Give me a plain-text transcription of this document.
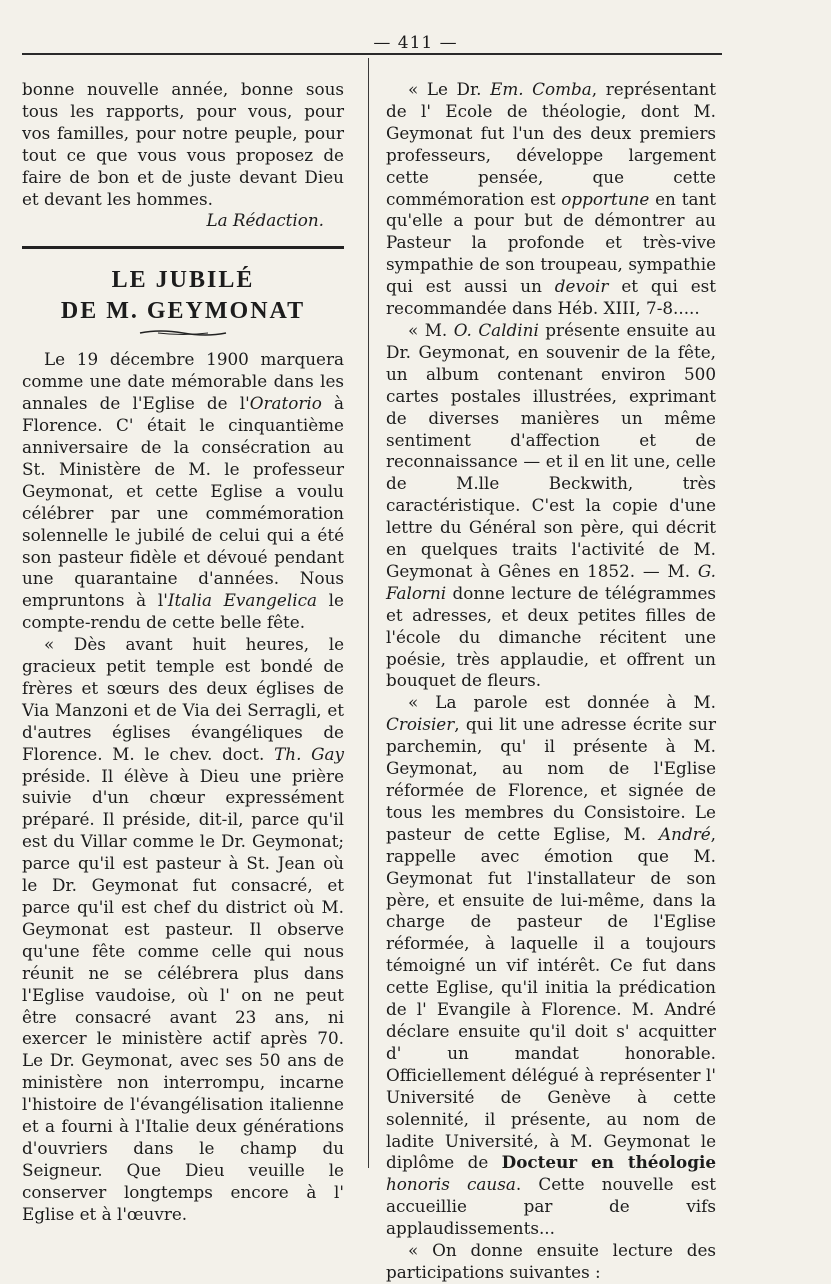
— 411 —

bonne nouvelle année, bonne sous tous les rapports, pour vous, pour vos familles, pour notre peuple, pour tout ce que vous vous proposez de faire de bon et de juste devant Dieu et devant les hommes.

La Rédaction.

LE JUBILÉ
DE M. GEYMONAT

Le 19 décembre 1900 marquera comme une date mémorable dans les annales de l'Eglise de l'Oratorio à Florence. C' était le cinquantième anniversaire de la consécration au St. Ministère de M. le professeur Geymonat, et cette Eglise a voulu célébrer par une commémoration solennelle le jubilé de celui qui a été son pasteur fidèle et dévoué pendant une quarantaine d'années. Nous empruntons à l'Italia Evangelica le compte-rendu de cette belle fête.

« Dès avant huit heures, le gracieux petit temple est bondé de frères et sœurs des deux églises de Via Manzoni et de Via dei Serragli, et d'autres églises évangéliques de Florence. M. le chev. doct. Th. Gay préside. Il élève à Dieu une prière suivie d'un chœur expressément préparé. Il préside, dit-il, parce qu'il est du Villar comme le Dr. Geymonat; parce qu'il est pasteur à St. Jean où le Dr. Geymonat fut consacré, et parce qu'il est chef du district où M. Geymonat est pasteur. Il observe qu'une fête comme celle qui nous réunit ne se célébrera plus dans l'Eglise vaudoise, où l' on ne peut être consacré avant 23 ans, ni exercer le ministère actif après 70. Le Dr. Geymonat, avec ses 50 ans de ministère non interrompu, incarne l'histoire de l'évangélisation italienne et a fourni à l'Italie deux générations d'ouvriers dans le champ du Seigneur. Que Dieu veuille le conserver longtemps encore à l' Eglise et à l'œuvre.

« Le Dr. Em. Comba, représentant de l' Ecole de théologie, dont M. Geymonat fut l'un des deux premiers professeurs, développe largement cette pensée, que cette commémoration est opportune en tant qu'elle a pour but de démontrer au Pasteur la profonde et très-vive sympathie de son troupeau, sympathie qui est aussi un devoir et qui est recommandée dans Héb. XIII, 7-8.....

« M. O. Caldini présente ensuite au Dr. Geymonat, en souvenir de la fête, un album contenant environ 500 cartes postales illustrées, exprimant de diverses manières un même sentiment d'affection et de reconnaissance — et il en lit une, celle de M.lle Beckwith, très caractéristique. C'est la copie d'une lettre du Général son père, qui décrit en quelques traits l'activité de M. Geymonat à Gênes en 1852. — M. G. Falorni donne lecture de télégrammes et adresses, et deux petites filles de l'école du dimanche récitent une poésie, très applaudie, et offrent un bouquet de fleurs.

« La parole est donnée à M. Croisier, qui lit une adresse écrite sur parchemin, qu' il présente à M. Geymonat, au nom de l'Eglise réformée de Florence, et signée de tous les membres du Consistoire. Le pasteur de cette Eglise, M. André, rappelle avec émotion que M. Geymonat fut l'installateur de son père, et ensuite de lui-même, dans la charge de pasteur de l'Eglise réformée, à laquelle il a toujours témoigné un vif intérêt. Ce fut dans cette Eglise, qu'il initia la prédication de l' Evangile à Florence. M. André déclare ensuite qu'il doit s' acquitter d' un mandat honorable. Officiellement délégué à représenter l' Université de Genève à cette solennité, il présente, au nom de ladite Université, à M. Geymonat le diplôme de Docteur en théologie honoris causa. Cette nouvelle est accueillie par de vifs applaudissements...

« On donne ensuite lecture des participations suivantes :
